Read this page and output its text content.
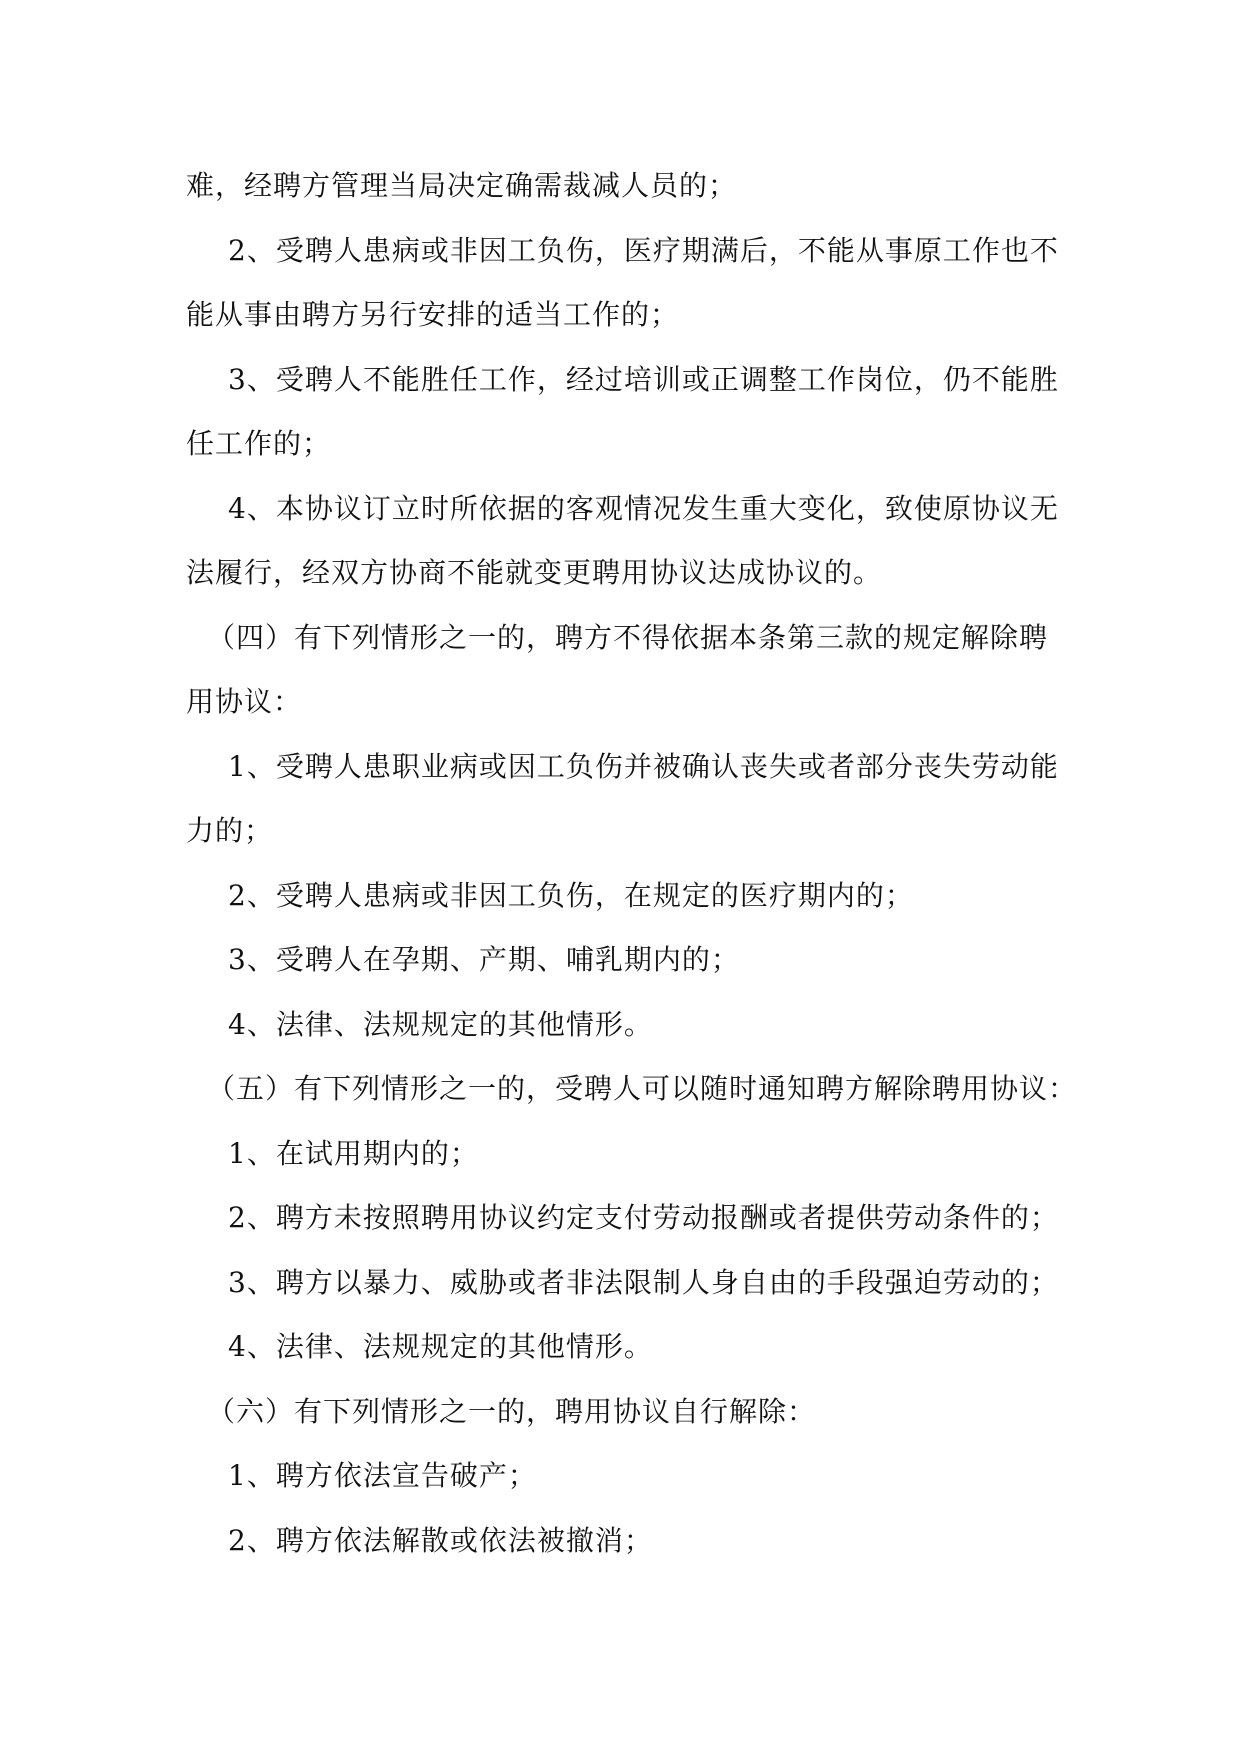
难，经聘方管理当局决定确需裁减人员的；
2、受聘人患病或非因工负伤，医疗期满后，不能从事原工作也不
能从事由聘方另行安排的适当工作的；
3、受聘人不能胜任工作，经过培训或正调整工作岗位，仍不能胜
任工作的；
4、本协议订立时所依据的客观情况发生重大变化，致使原协议无
法履行，经双方协商不能就变更聘用协议达成协议的。
（四）有下列情形之一的，聘方不得依据本条第三款的规定解除聘
用协议：
1、受聘人患职业病或因工负伤并被确认丧失或者部分丧失劳动能
力的；
2、受聘人患病或非因工负伤，在规定的医疗期内的；
3、受聘人在孕期、产期、哺乳期内的；
4、法律、法规规定的其他情形。
（五）有下列情形之一的，受聘人可以随时通知聘方解除聘用协议：
1、在试用期内的；
2、聘方未按照聘用协议约定支付劳动报酬或者提供劳动条件的；
3、聘方以暴力、威胁或者非法限制人身自由的手段强迫劳动的；
4、法律、法规规定的其他情形。
（六）有下列情形之一的，聘用协议自行解除：
1、聘方依法宣告破产；
2、聘方依法解散或依法被撤消；
